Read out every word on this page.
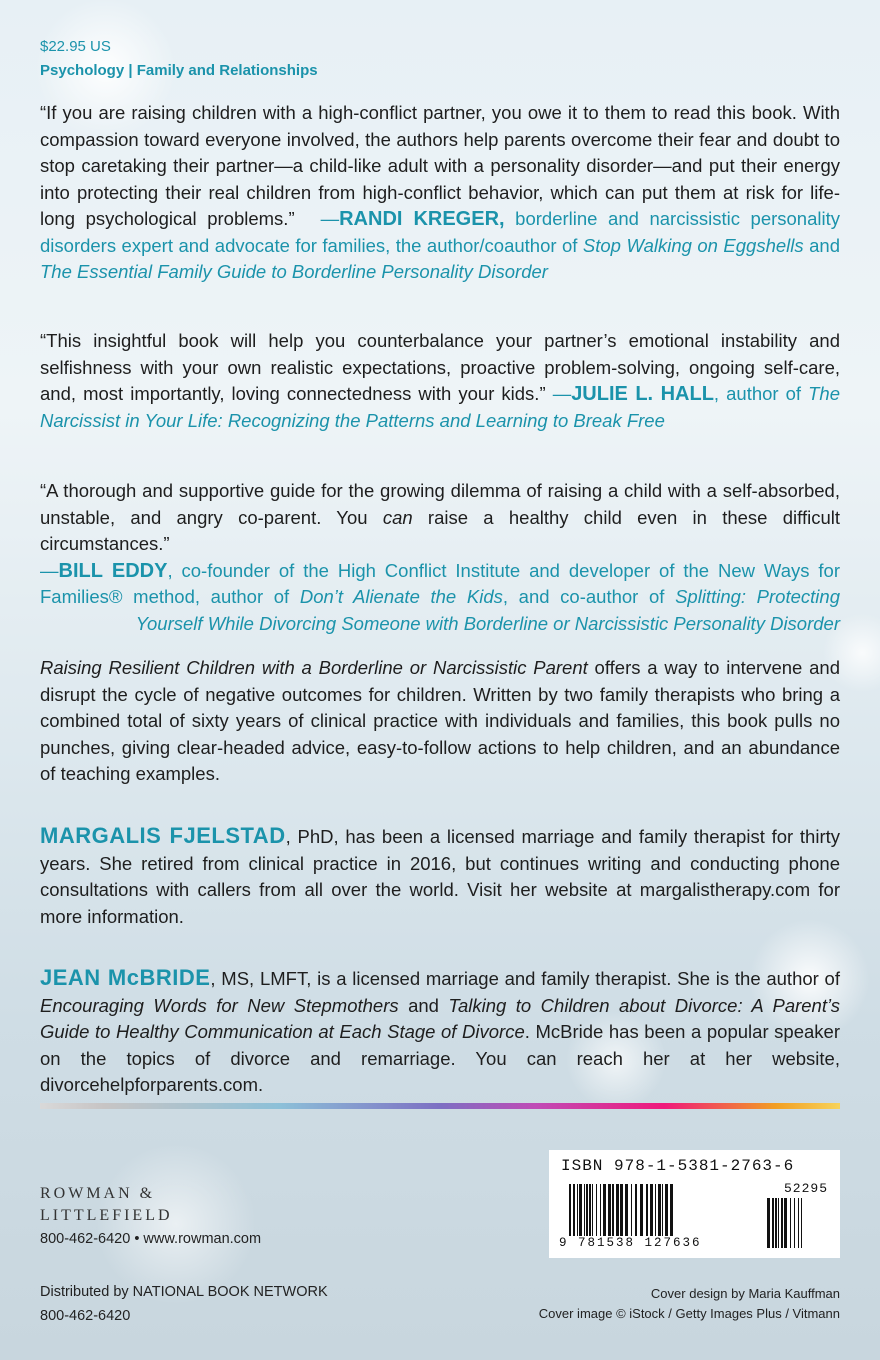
$22.95 US
Psychology | Family and Relationships

“If you are raising children with a high-conflict partner, you owe it to them to read this book. With compassion toward everyone involved, the authors help parents overcome their fear and doubt to stop caretaking their partner—a child-like adult with a personality disorder—and put their energy into protecting their real children from high-conflict behavior, which can put them at risk for life-long psychological problems.” —RANDI KREGER, borderline and narcissistic personality disorders expert and advocate for families, the author/coauthor of Stop Walking on Eggshells and The Essential Family Guide to Borderline Personality Disorder

“This insightful book will help you counterbalance your partner’s emotional instability and selfishness with your own realistic expectations, proactive problem-solving, ongoing self-care, and, most importantly, loving connectedness with your kids.” —JULIE L. HALL, author of The Narcissist in Your Life: Recognizing the Patterns and Learning to Break Free

“A thorough and supportive guide for the growing dilemma of raising a child with a self-absorbed, unstable, and angry co-parent. You can raise a healthy child even in these difficult circumstances.”

—BILL EDDY, co-founder of the High Conflict Institute and developer of the New Ways for Families® method, author of Don’t Alienate the Kids, and co-author of Splitting: Protecting Yourself While Divorcing Someone with Borderline or Narcissistic Personality Disorder

Raising Resilient Children with a Borderline or Narcissistic Parent offers a way to intervene and disrupt the cycle of negative outcomes for children. Written by two family therapists who bring a combined total of sixty years of clinical practice with individuals and families, this book pulls no punches, giving clear-headed advice, easy-to-follow actions to help children, and an abundance of teaching examples.

MARGALIS FJELSTAD, PhD, has been a licensed marriage and family therapist for thirty years. She retired from clinical practice in 2016, but continues writing and conducting phone consultations with callers from all over the world. Visit her website at margalistherapy.com for more information.

JEAN McBRIDE, MS, LMFT, is a licensed marriage and family therapist. She is the author of Encouraging Words for New Stepmothers and Talking to Children about Divorce: A Parent’s Guide to Healthy Communication at Each Stage of Divorce. McBride has been a popular speaker on the topics of divorce and remarriage. You can reach her at her website, divorcehelpforparents.com.

ROWMAN &
LITTLEFIELD
800-462-6420 • www.rowman.com
Distributed by NATIONAL BOOK NETWORK
800-462-6420
Cover design by Maria Kauffman
Cover image © iStock / Getty Images Plus / Vitmann
ISBN 978-1-5381-2763-6
52295
9 781538 127636
